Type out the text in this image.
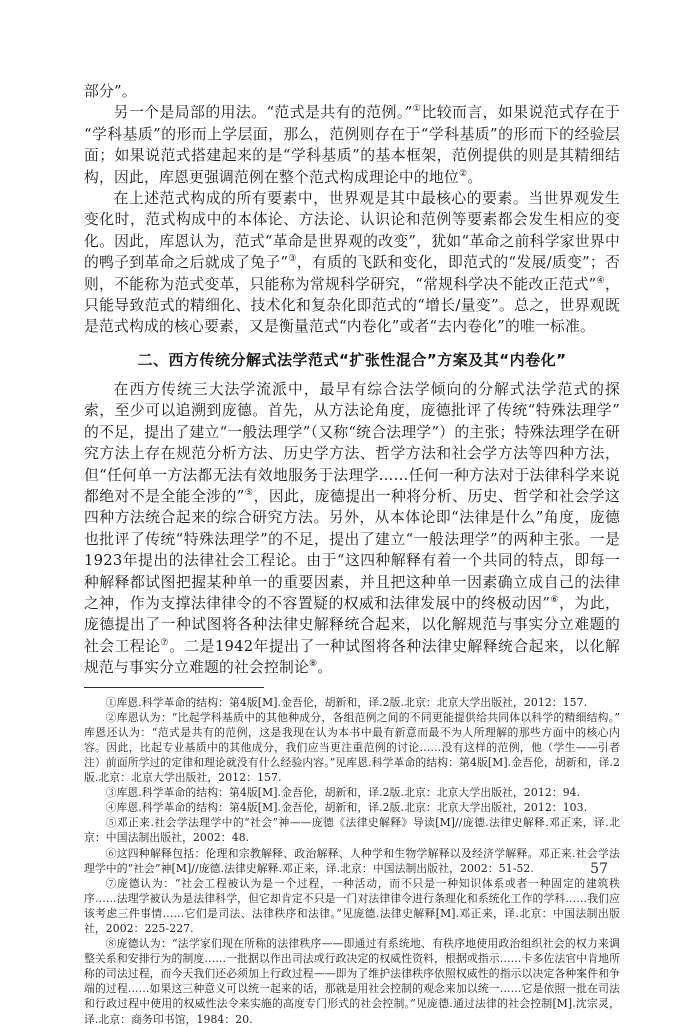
部分”。

另一个是局部的用法。“范式是共有的范例。”①比较而言，如果说范式存在于“学科基质”的形而上学层面，那么，范例则存在于“学科基质”的形而下的经验层面；如果说范式搭建起来的是“学科基质”的基本框架，范例提供的则是其精细结构，因此，库恩更强调范例在整个范式构成理论中的地位②。

在上述范式构成的所有要素中，世界观是其中最核心的要素。当世界观发生变化时，范式构成中的本体论、方法论、认识论和范例等要素都会发生相应的变化。因此，库恩认为，范式“革命是世界观的改变”，犹如“革命之前科学家世界中的鸭子到革命之后就成了兔子”③，有质的飞跃和变化，即范式的“发展/质变”；否则，不能称为范式变革，只能称为常规科学研究，“常规科学决不能改正范式”④，只能导致范式的精细化、技术化和复杂化即范式的“增长/量变”。总之，世界观既是范式构成的核心要素，又是衡量范式“内卷化”或者“去内卷化”的唯一标准。

二、西方传统分解式法学范式“扩张性混合”方案及其“内卷化”

在西方传统三大法学流派中，最早有综合法学倾向的分解式法学范式的探索，至少可以追溯到庞德。首先，从方法论角度，庞德批评了传统“特殊法理学”的不足，提出了建立“一般法理学”（又称“统合法理学”）的主张；特殊法理学在研究方法上存在规范分析方法、历史学方法、哲学方法和社会学方法等四种方法，但“任何单一方法都无法有效地服务于法理学……任何一种方法对于法律科学来说都绝对不是全能全涉的”⑤，因此，庞德提出一种将分析、历史、哲学和社会学这四种方法统合起来的综合研究方法。另外，从本体论即“法律是什么”角度，庞德也批评了传统“特殊法理学”的不足，提出了建立“一般法理学”的两种主张。一是1923年提出的法律社会工程论。由于“这四种解释有着一个共同的特点，即每一种解释都试图把握某种单一的重要因素，并且把这种单一因素确立成自己的法律之神，作为支撑法律律令的不容置疑的权威和法律发展中的终极动因”⑥，为此，庞德提出了一种试图将各种法律史解释统合起来，以化解规范与事实分立难题的社会工程论⑦。二是1942年提出了一种试图将各种法律史解释统合起来，以化解规范与事实分立难题的社会控制论⑧。

①库恩.科学革命的结构：第4版[M].金吾伦，胡新和，译.2版.北京：北京大学出版社，2012：157.

②库恩认为：“比起学科基质中的其他种成分，各组范例之间的不同更能提供给共同体以科学的精细结构。”库恩还认为：“范式是共有的范例，这是我现在认为本书中最有新意而最不为人所理解的那些方面中的核心内容。因此，比起专业基质中的其他成分，我们应当更注重范例的讨论……没有这样的范例，他（学生——引者注）前面所学过的定律和理论就没有什么经验内容。”见库恩.科学革命的结构：第4版[M].金吾伦，胡新和，译.2版.北京：北京大学出版社，2012：157.

③库恩.科学革命的结构：第4版[M].金吾伦，胡新和，译.2版.北京：北京大学出版社，2012：94.

④库恩.科学革命的结构：第4版[M].金吾伦，胡新和，译.2版.北京：北京大学出版社，2012：103.

⑤邓正来.社会学法理学中的“社会”神——庞德《法律史解释》导读[M]//庞德.法律史解释.邓正来，译.北京：中国法制出版社，2002：48.

⑥这四种解释包括：伦理和宗教解释、政治解释、人种学和生物学解释以及经济学解释。邓正来.社会学法理学中的“社会”神[M]//庞德.法律史解释.邓正来，译.北京：中国法制出版社，2002：51-52.

⑦庞德认为：“社会工程被认为是一个过程，一种活动，而不只是一种知识体系或者一种固定的建筑秩序……法理学被认为是法律科学，但它却肯定不只是一门对法律律令进行条理化和系统化工作的学科……我们应该考虑三件事情……它们是司法、法律秩序和法律。”见庞德.法律史解释[M].邓正来，译.北京：中国法制出版社，2002：225-227.

⑧庞德认为：“法学家们现在所称的法律秩序——即通过有系统地、有秩序地使用政治组织社会的权力来调整关系和安排行为的制度……一批据以作出司法或行政决定的权威性资料，根据或指示……卡多佐法官中肯地所称的司法过程，而今天我们还必须加上行政过程——即为了维护法律秩序依照权威性的指示以决定各种案件和争端的过程……如果这三种意义可以统一起来的话，那就是用社会控制的观念来加以统一……它是依照一批在司法和行政过程中使用的权威性法令来实施的高度专门形式的社会控制。”见庞德.通过法律的社会控制[M].沈宗灵，译.北京：商务印书馆，1984：20.

57
